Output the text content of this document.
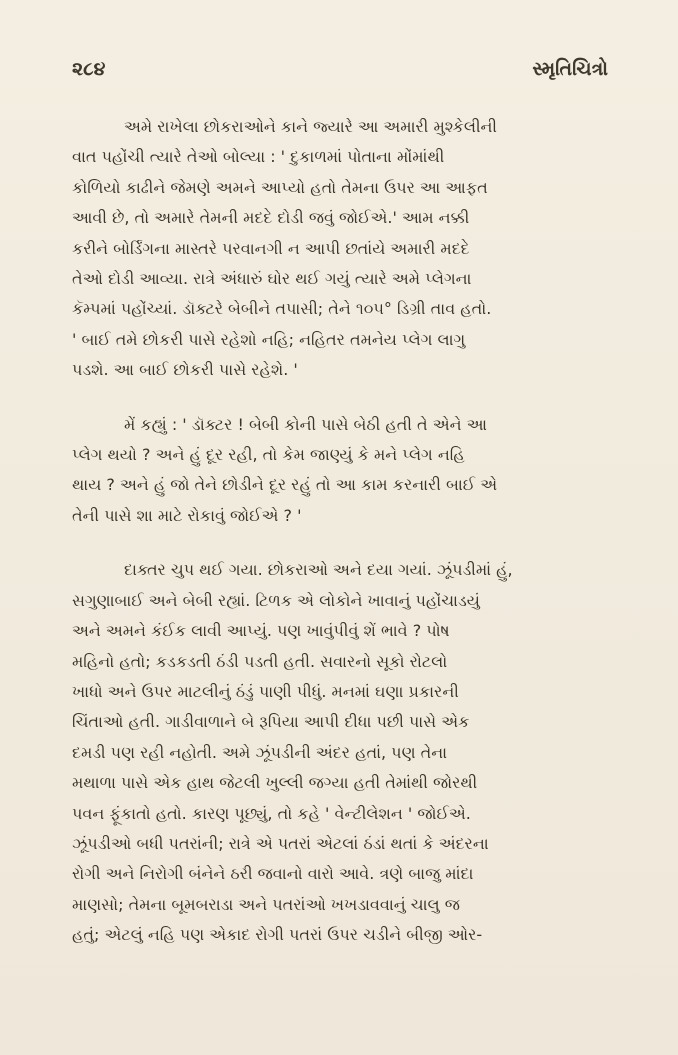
૨૮૪	સ્મૃતિચિત્રો

અમે રાખેલા છોકરાઓને કાને જ્યારે આ અમારી મુશ્કેલીની
વાત પહોંચી ત્યારે તેઓ બોલ્યા : ' દુકાળમાં પોતાના મોંમાંથી
કોળિયો કાઢીને જેમણે અમને આપ્યો હતો તેમના ઉપર આ આફત
આવી છે, તો અમારે તેમની મદદે દોડી જવું જોઈએ.' આમ નક્કી
કરીને બોર્ડિંગના માસ્તરે પરવાનગી ન આપી છતાંયે અમારી મદદે
તેઓ દોડી આવ્યા. રાત્રે અંધારું ઘોર થઈ ગયું ત્યારે અમે પ્લેગના
કૅમ્પમાં પહોંચ્યાં. ડૉક્ટરે બેબીને તપાસી; તેને ૧૦૫° ડિગ્રી તાવ હતો.
' બાઈ તમે છોકરી પાસે રહેશો નહિ; નહિતર તમનેય પ્લેગ લાગુ
પડશે. આ બાઈ છોકરી પાસે રહેશે. '

મેં કહ્યું : ' ડૉક્ટર ! બેબી કોની પાસે બેઠી હતી તે એને આ
પ્લેગ થયો ? અને હું દૂર રહી, તો કેમ જાણ્યું કે મને પ્લેગ નહિ
થાય ? અને હું જો તેને છોડીને દૂર રહું તો આ કામ કરનારી બાઈ એ
તેની પાસે શા માટે રોકાવું જોઈએ ? '

દાક્તર ચુપ થઈ ગયા. છોકરાઓ અને દયા ગયાં. ઝૂંપડીમાં હું,
સગુણાબાઈ અને બેબી રહ્યાં. ટિળક એ લોકોને ખાવાનું પહોંચાડયું
અને અમને કંઈક લાવી આપ્યું. પણ ખાવુંપીવું શેં ભાવે ? પોષ
મહિનો હતો; કડકડતી ઠંડી પડતી હતી. સવારનો સૂકો રોટલો
ખાધો અને ઉપર માટલીનું ઠંડું પાણી પીધું. મનમાં ઘણા પ્રકારની
ચિંતાઓ હતી. ગાડીવાળાને બે રૂપિયા આપી દીધા પછી પાસે એક
દમડી પણ રહી નહોતી. અમે ઝૂંપડીની અંદર હતાં, પણ તેના
મથાળા પાસે એક હાથ જેટલી ખુલ્લી જગ્યા હતી તેમાંથી જોરથી
પવન ફૂંકાતો હતો. કારણ પૂછ્યું, તો કહે ' વેન્ટીલેશન ' જોઈએ.
ઝૂંપડીઓ બધી પતરાંની; રાત્રે એ પતરાં એટલાં ઠંડાં થતાં કે અંદરના
રોગી અને નિરોગી બંનેને ઠરી જવાનો વારો આવે. ત્રણે બાજુ માંદા
માણસો; તેમના બૂમબરાડા અને પતરાંઓ ખખડાવવાનું ચાલુ જ
હતું; એટલું નહિ પણ એકાદ રોગી પતરાં ઉપર ચડીને બીજી ઓર-
